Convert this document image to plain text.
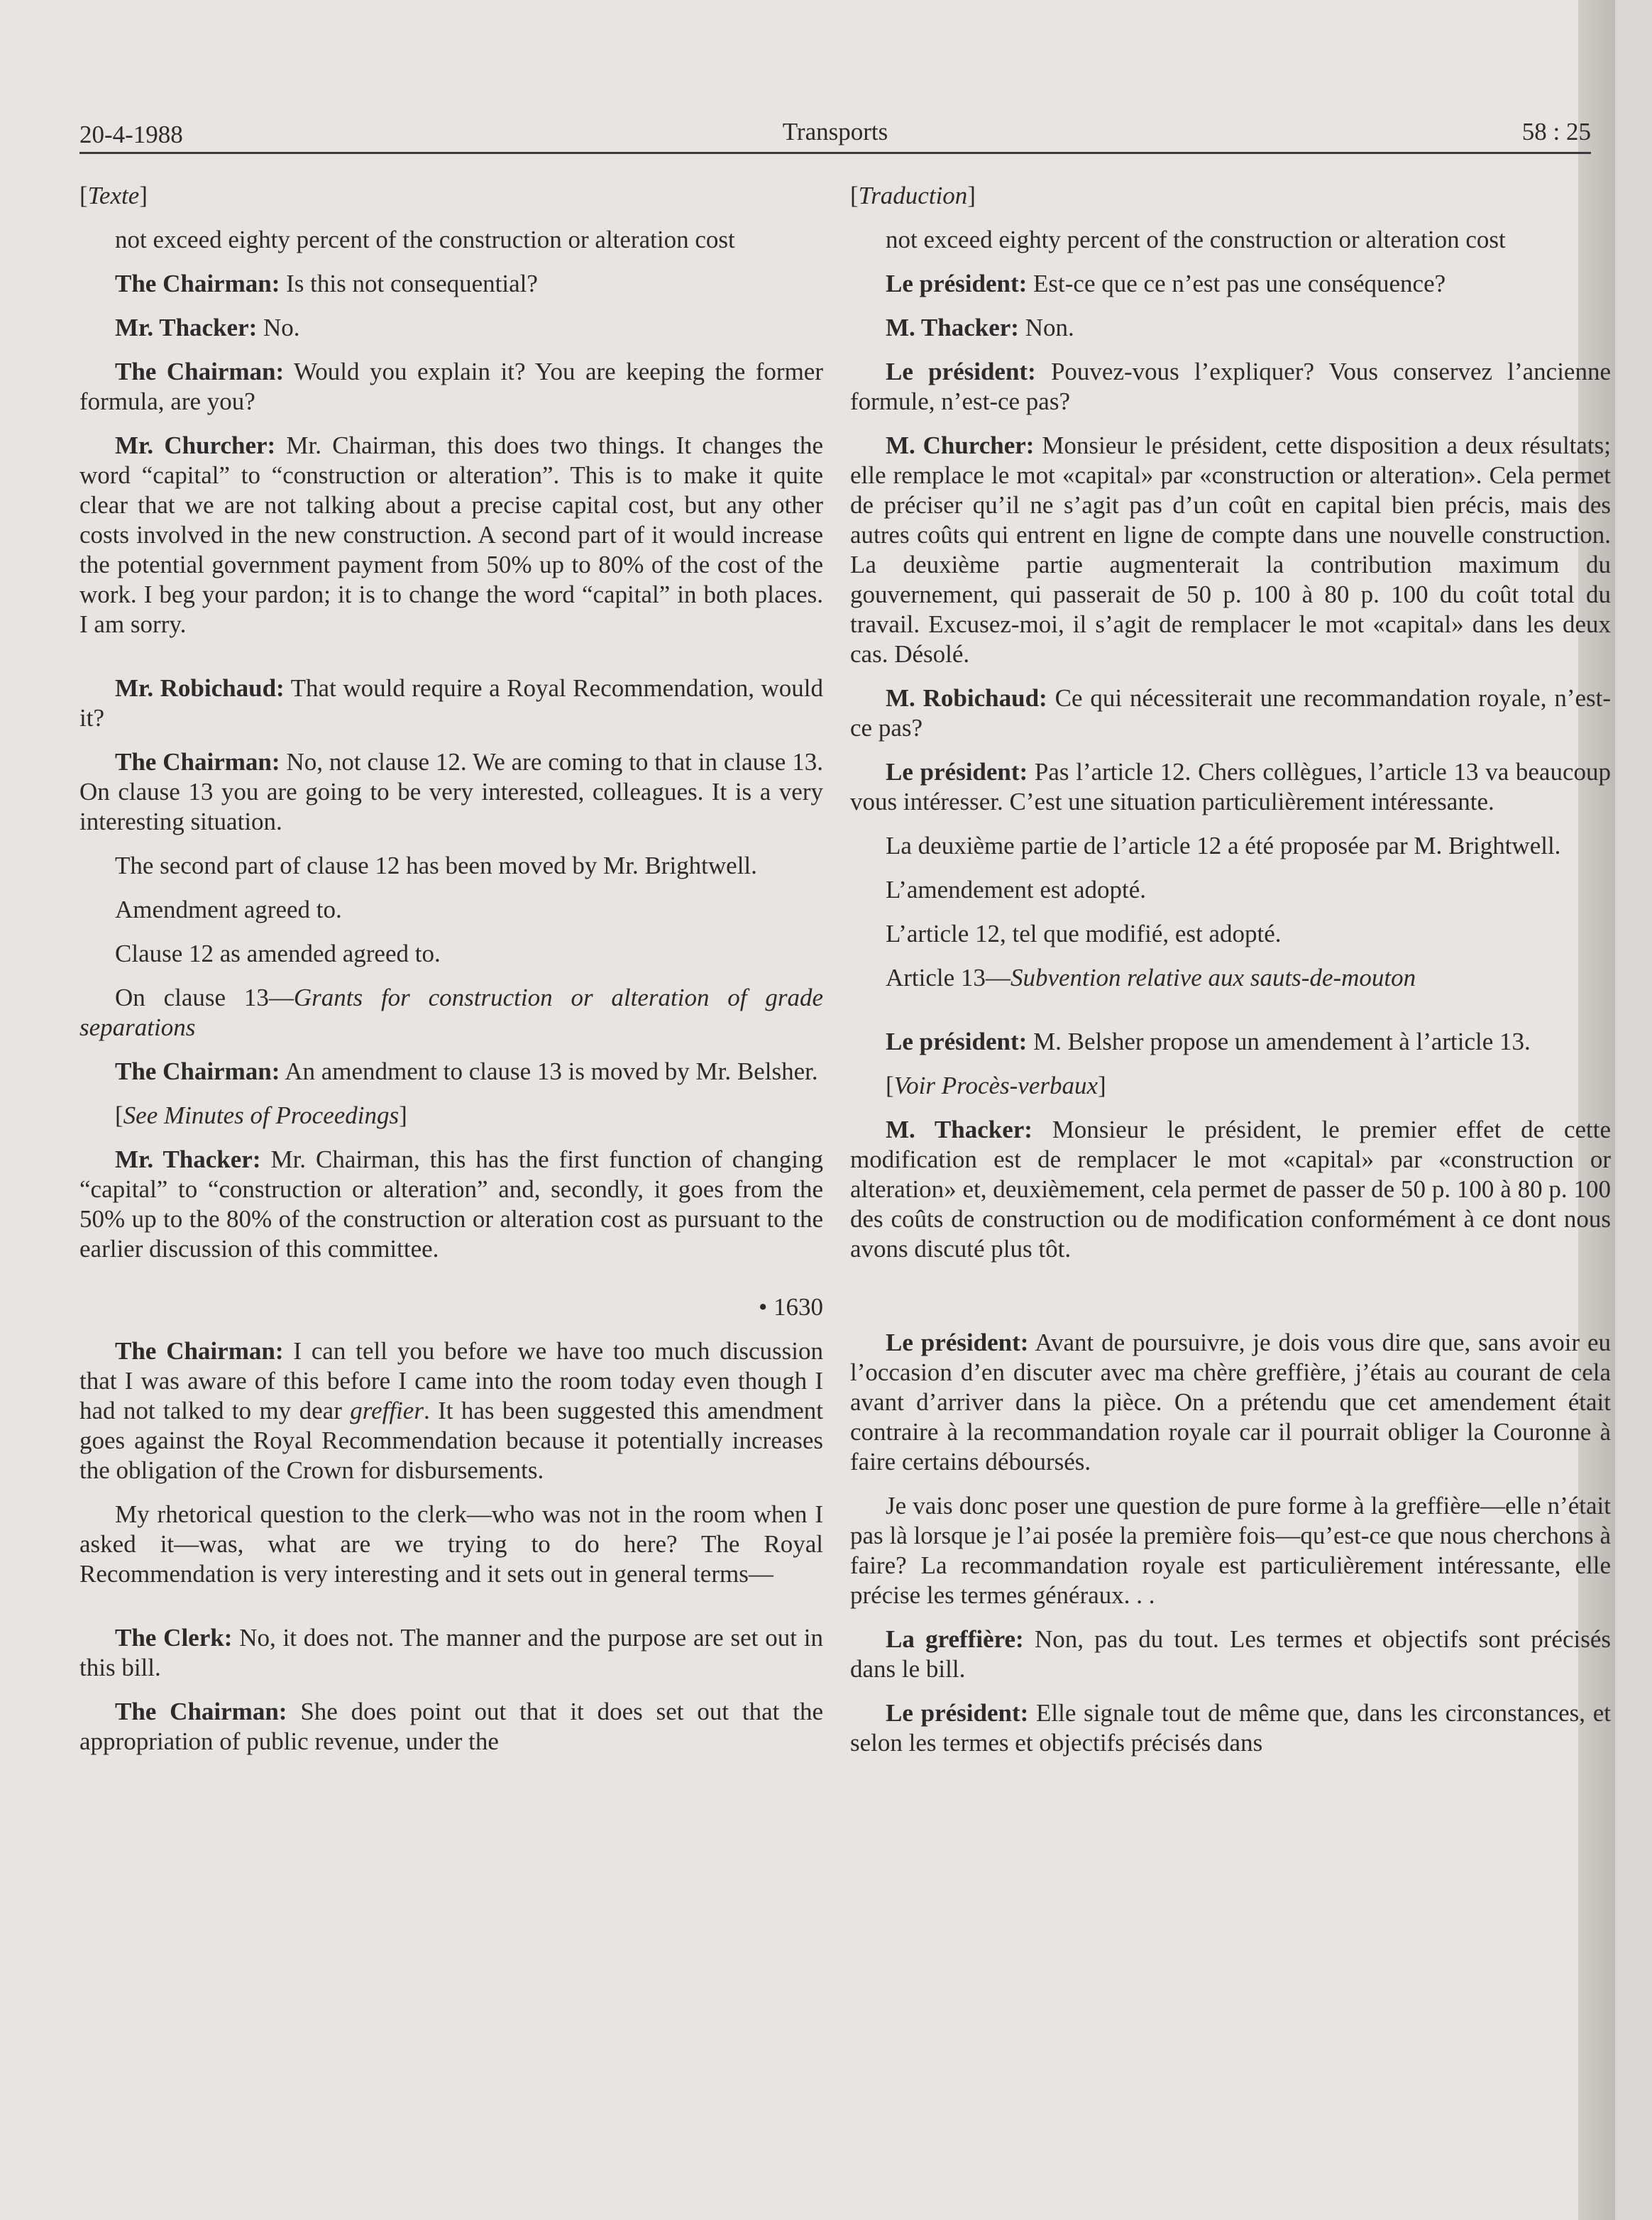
20-4-1988	Transports	58 : 25

[Texte]

not exceed eighty percent of the construction or alteration cost

The Chairman: Is this not consequential?

Mr. Thacker: No.

The Chairman: Would you explain it? You are keeping the former formula, are you?

Mr. Churcher: Mr. Chairman, this does two things. It changes the word “capital” to “construction or alteration”. This is to make it quite clear that we are not talking about a precise capital cost, but any other costs involved in the new construction. A second part of it would increase the potential government payment from 50% up to 80% of the cost of the work. I beg your pardon; it is to change the word “capital” in both places. I am sorry.

Mr. Robichaud: That would require a Royal Recommendation, would it?

The Chairman: No, not clause 12. We are coming to that in clause 13. On clause 13 you are going to be very interested, colleagues. It is a very interesting situation.

The second part of clause 12 has been moved by Mr. Brightwell.

Amendment agreed to.

Clause 12 as amended agreed to.

On clause 13—Grants for construction or alteration of grade separations

The Chairman: An amendment to clause 13 is moved by Mr. Belsher.

[See Minutes of Proceedings]

Mr. Thacker: Mr. Chairman, this has the first function of changing “capital” to “construction or alteration” and, secondly, it goes from the 50% up to the 80% of the construction or alteration cost as pursuant to the earlier discussion of this committee.

• 1630

The Chairman: I can tell you before we have too much discussion that I was aware of this before I came into the room today even though I had not talked to my dear greffier. It has been suggested this amendment goes against the Royal Recommendation because it potentially increases the obligation of the Crown for disbursements.

My rhetorical question to the clerk—who was not in the room when I asked it—was, what are we trying to do here? The Royal Recommendation is very interesting and it sets out in general terms—

The Clerk: No, it does not. The manner and the purpose are set out in this bill.

The Chairman: She does point out that it does set out that the appropriation of public revenue, under the

[Traduction]

not exceed eighty percent of the construction or alteration cost

Le président: Est-ce que ce n’est pas une conséquence?

M. Thacker: Non.

Le président: Pouvez-vous l’expliquer? Vous conservez l’ancienne formule, n’est-ce pas?

M. Churcher: Monsieur le président, cette disposition a deux résultats; elle remplace le mot «capital» par «construction or alteration». Cela permet de préciser qu’il ne s’agit pas d’un coût en capital bien précis, mais des autres coûts qui entrent en ligne de compte dans une nouvelle construction. La deuxième partie augmenterait la contribution maximum du gouvernement, qui passerait de 50 p. 100 à 80 p. 100 du coût total du travail. Excusez-moi, il s’agit de remplacer le mot «capital» dans les deux cas. Désolé.

M. Robichaud: Ce qui nécessiterait une recommandation royale, n’est-ce pas?

Le président: Pas l’article 12. Chers collègues, l’article 13 va beaucoup vous intéresser. C’est une situation particulièrement intéressante.

La deuxième partie de l’article 12 a été proposée par M. Brightwell.

L’amendement est adopté.

L’article 12, tel que modifié, est adopté.

Article 13—Subvention relative aux sauts-de-mouton

Le président: M. Belsher propose un amendement à l’article 13.

[Voir Procès-verbaux]

M. Thacker: Monsieur le président, le premier effet de cette modification est de remplacer le mot «capital» par «construction or alteration» et, deuxièmement, cela permet de passer de 50 p. 100 à 80 p. 100 des coûts de construction ou de modification conformément à ce dont nous avons discuté plus tôt.

Le président: Avant de poursuivre, je dois vous dire que, sans avoir eu l’occasion d’en discuter avec ma chère greffière, j’étais au courant de cela avant d’arriver dans la pièce. On a prétendu que cet amendement était contraire à la recommandation royale car il pourrait obliger la Couronne à faire certains déboursés.

Je vais donc poser une question de pure forme à la greffière—elle n’était pas là lorsque je l’ai posée la première fois—qu’est-ce que nous cherchons à faire? La recommandation royale est particulièrement intéressante, elle précise les termes généraux. . .

La greffière: Non, pas du tout. Les termes et objectifs sont précisés dans le bill.

Le président: Elle signale tout de même que, dans les circonstances, et selon les termes et objectifs précisés dans
